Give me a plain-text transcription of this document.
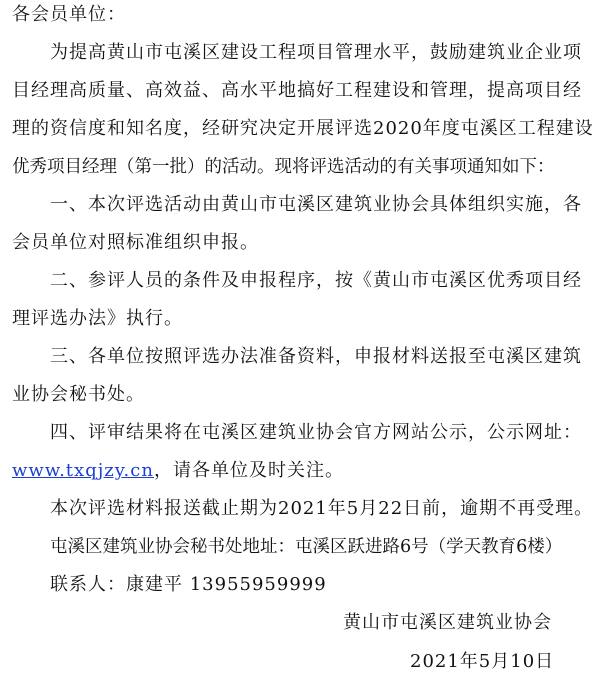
各会员单位：
为提高黄山市屯溪区建设工程项目管理水平，鼓励建筑业企业项
目经理高质量、高效益、高水平地搞好工程建设和管理，提高项目经
理的资信度和知名度，经研究决定开展评选2020年度屯溪区工程建设
优秀项目经理（第一批）的活动。现将评选活动的有关事项通知如下：
一、本次评选活动由黄山市屯溪区建筑业协会具体组织实施，各
会员单位对照标准组织申报。
二、参评人员的条件及申报程序，按《黄山市屯溪区优秀项目经
理评选办法》执行。
三、各单位按照评选办法准备资料，申报材料送报至屯溪区建筑
业协会秘书处。
四、评审结果将在屯溪区建筑业协会官方网站公示，公示网址：
www.txqjzy.cn，请各单位及时关注。
本次评选材料报送截止期为2021年5月22日前，逾期不再受理。
屯溪区建筑业协会秘书处地址：屯溪区跃进路6号（学天教育6楼）
联系人：康建平 13955959999
黄山市屯溪区建筑业协会
2021年5月10日
